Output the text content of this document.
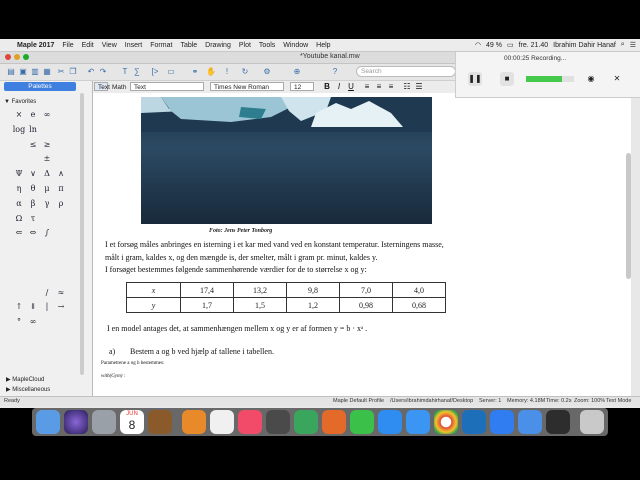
Maple 2017 File Edit View Insert Format Table Drawing Plot Tools Window Help	◠ 49 % ▭ fre. 21.40 Ibrahim Dahir Hanaf ⌕ ☰
*Youtube kanal.mw
▤ ▣ ▥ ▦ ✂ ❐ ↶ ↷	T ∑ [> ▭ ⚭ ✋	!	↻ ⚙	⊕	?	Search
Text Math	Text	Times New Roman	12	B I	U	≡ ≡ ≡	☷ ☰
Palettes
▼ Favorites
×	e	∞
log ln
≤ ≥
±
Ψ ∨	Δ	∧
η	θ	μ	π
α	β	γ	ρ
Ω	τ
⇐ ⇔	∫
/	≈
↑ ⇓	|	→
°	∞
▶ MapleCloud
▶ Miscellaneous
Foto: Jens Peter Tonborg
I et forsøg måles anbringes en isterning i et kar med vand ved en konstant temperatur. Isterningens masse,
målt i gram, kaldes x, og den mængde is, der smelter, målt i gram pr. minut, kaldes y.
I forsøget bestemmes følgende sammenhørende værdier for de to størrelse x og y:
x	17,4	13,2	9,8	7,0	4,0
y	1,7	1,5	1,2	0,98	0,68
I en model antages det, at sammenhængen mellem x og y er af formen y = b · xᵃ .
a) Bestem a og b ved hjælp af tallene i tabellen.
Parametrene a og b bestemmes:
with(Gym) :
Ready	Maple Default Profile /Users/ibrahimdahirhanaf/Desktop Server: 1 Memory: 4.18M Time: 0.2s Zoom: 100% Text Mode
00:00:25 Recording...
❚❚	■	◉	✕
JUN
8
